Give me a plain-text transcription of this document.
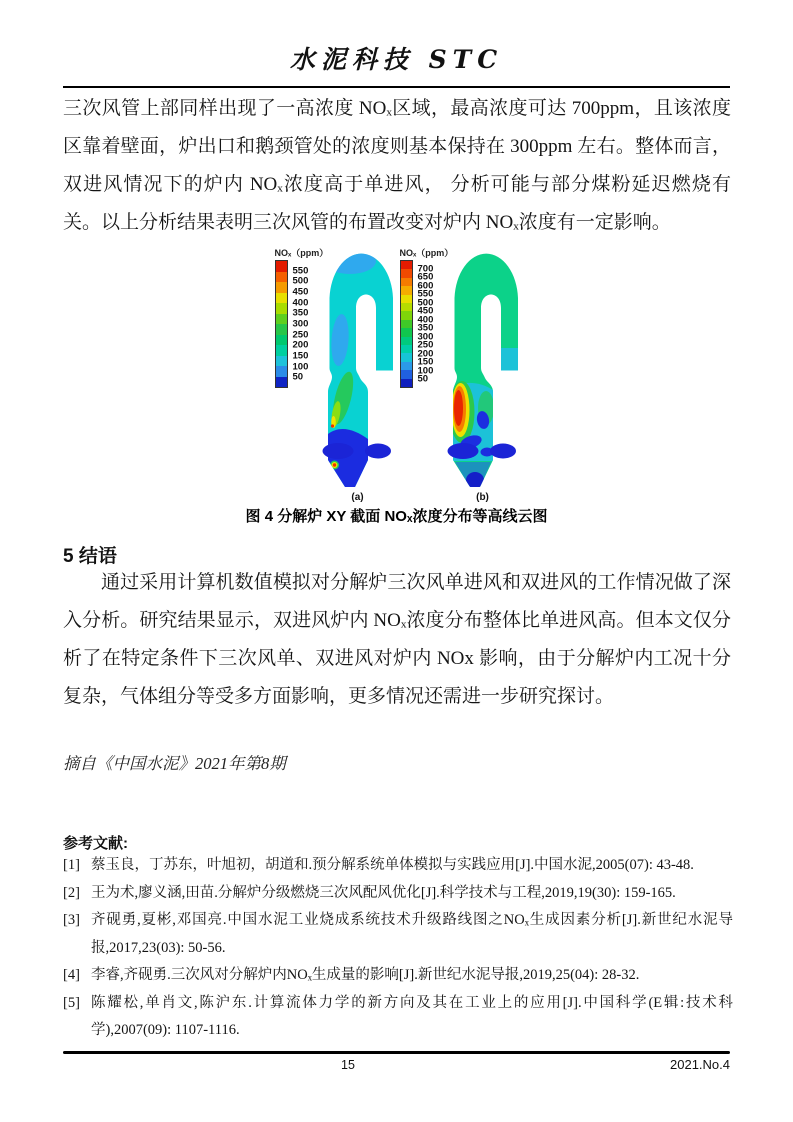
水泥科技 STC
三次风管上部同样出现了一高浓度 NOₓ区域，最高浓度可达 700ppm，且该浓度区靠着壁面，炉出口和鹅颈管处的浓度则基本保持在 300ppm 左右。整体而言，双进风情况下的炉内 NOₓ浓度高于单进风， 分析可能与部分煤粉延迟燃烧有关。以上分析结果表明三次风管的布置改变对炉内 NOₓ浓度有一定影响。
NOₓ（ppm）
550
500
450
400
350
300
250
200
150
100
50
(a)
NOₓ（ppm）
700
650
600
550
500
450
400
350
300
250
200
150
100
50
(b)
图 4 分解炉 XY 截面 NOₓ浓度分布等高线云图
5 结语
通过采用计算机数值模拟对分解炉三次风单进风和双进风的工作情况做了深入分析。研究结果显示，双进风炉内 NOₓ浓度分布整体比单进风高。但本文仅分析了在特定条件下三次风单、双进风对炉内 NOx 影响，由于分解炉内工况十分复杂，气体组分等受多方面影响，更多情况还需进一步研究探讨。
摘自《中国水泥》2021年第8期
参考文献:
[1] 蔡玉良，丁苏东，叶旭初，胡道和.预分解系统单体模拟与实践应用[J].中国水泥,2005(07): 43-48.
[2] 王为术,廖义涵,田苗.分解炉分级燃烧三次风配风优化[J].科学技术与工程,2019,19(30): 159-165.
[3] 齐砚勇,夏彬,邓国亮.中国水泥工业烧成系统技术升级路线图之NOₓ生成因素分析[J].新世纪水泥导报,2017,23(03): 50-56.
[4] 李睿,齐砚勇.三次风对分解炉内NOₓ生成量的影响[J].新世纪水泥导报,2019,25(04): 28-32.
[5] 陈耀松,单肖文,陈沪东.计算流体力学的新方向及其在工业上的应用[J].中国科学(E辑:技术科学),2007(09): 1107-1116.
15	2021.No.4
